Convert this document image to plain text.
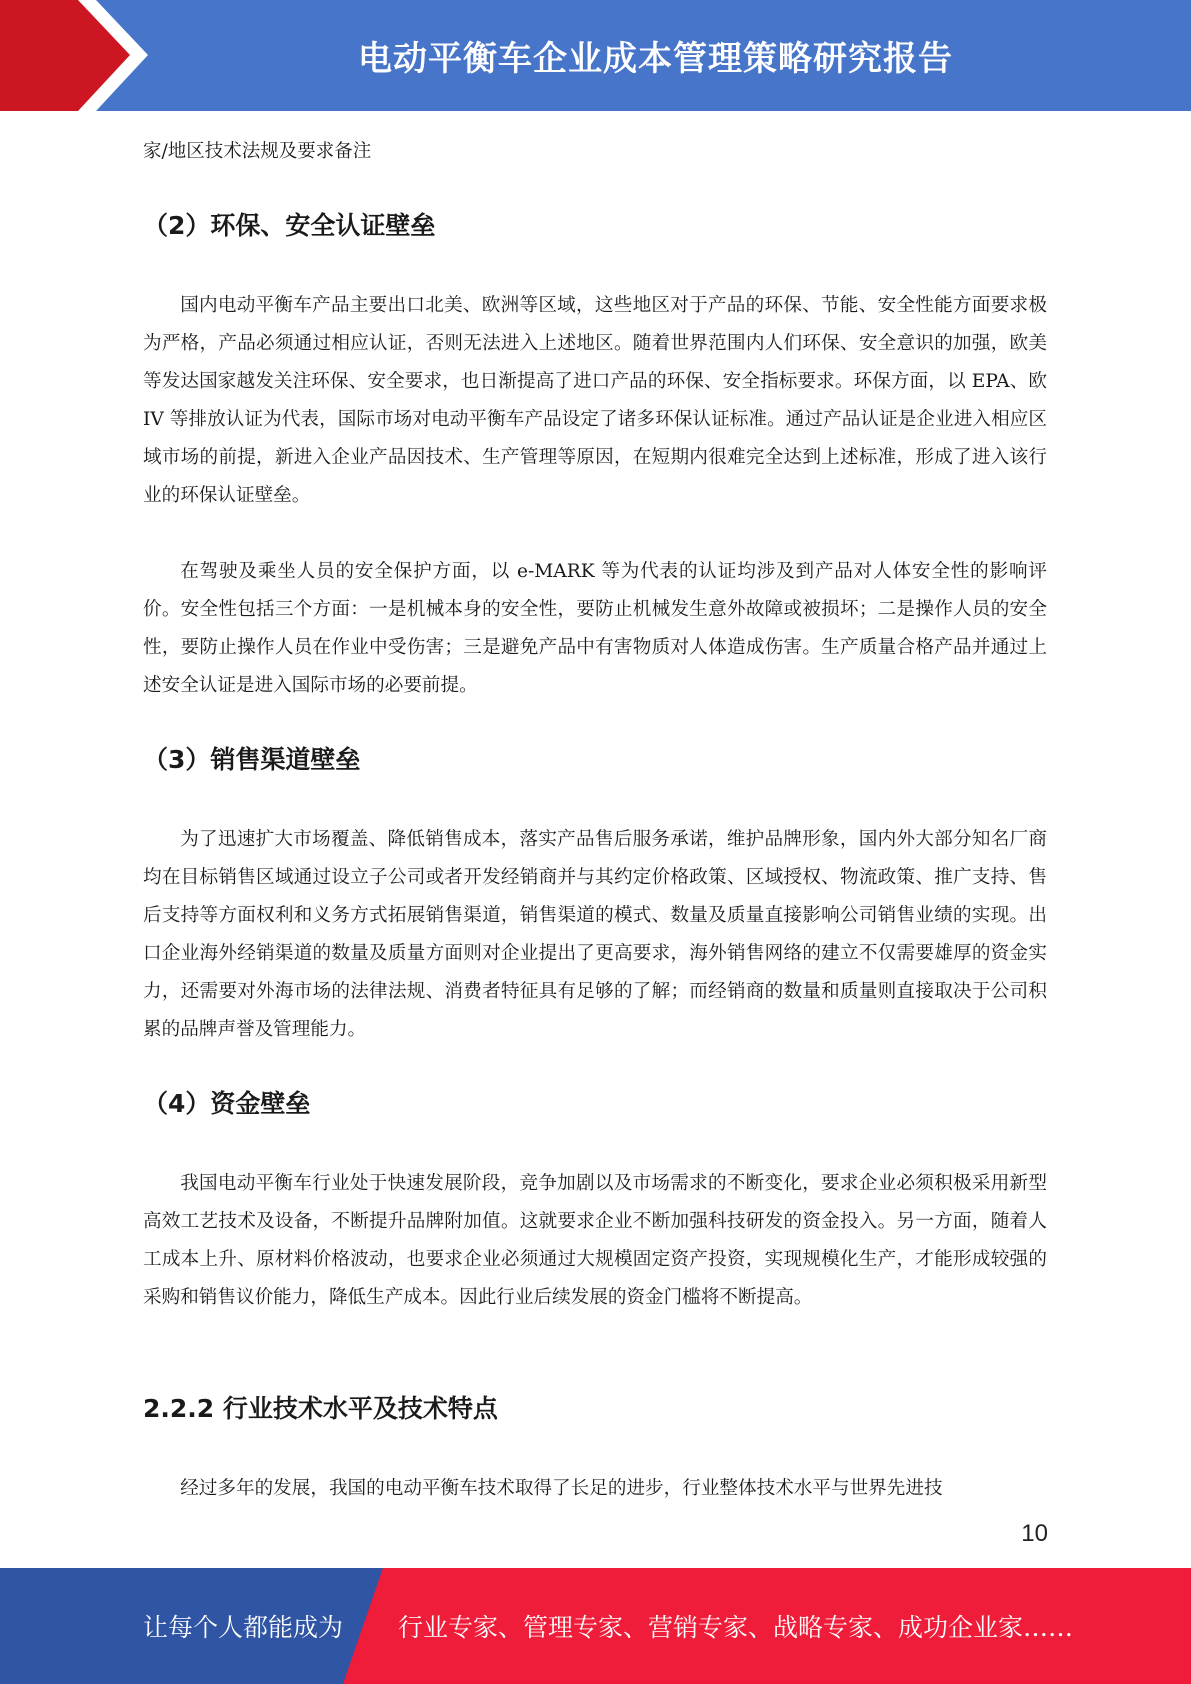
电动平衡车企业成本管理策略研究报告
家/地区技术法规及要求备注
（2）环保、安全认证壁垒

国内电动平衡车产品主要出口北美、欧洲等区域，这些地区对于产品的环保、节能、安全性能方面要求极为严格，产品必须通过相应认证，否则无法进入上述地区。随着世界范围内人们环保、安全意识的加强，欧美等发达国家越发关注环保、安全要求，也日渐提高了进口产品的环保、安全指标要求。环保方面，以 EPA、欧 IV 等排放认证为代表，国际市场对电动平衡车产品设定了诸多环保认证标准。通过产品认证是企业进入相应区域市场的前提，新进入企业产品因技术、生产管理等原因，在短期内很难完全达到上述标准，形成了进入该行业的环保认证壁垒。

在驾驶及乘坐人员的安全保护方面，以 e-MARK 等为代表的认证均涉及到产品对人体安全性的影响评价。安全性包括三个方面：一是机械本身的安全性，要防止机械发生意外故障或被损坏；二是操作人员的安全性，要防止操作人员在作业中受伤害；三是避免产品中有害物质对人体造成伤害。生产质量合格产品并通过上述安全认证是进入国际市场的必要前提。

（3）销售渠道壁垒

为了迅速扩大市场覆盖、降低销售成本，落实产品售后服务承诺，维护品牌形象，国内外大部分知名厂商均在目标销售区域通过设立子公司或者开发经销商并与其约定价格政策、区域授权、物流政策、推广支持、售后支持等方面权利和义务方式拓展销售渠道，销售渠道的模式、数量及质量直接影响公司销售业绩的实现。出口企业海外经销渠道的数量及质量方面则对企业提出了更高要求，海外销售网络的建立不仅需要雄厚的资金实力，还需要对外海市场的法律法规、消费者特征具有足够的了解；而经销商的数量和质量则直接取决于公司积累的品牌声誉及管理能力。

（4）资金壁垒

我国电动平衡车行业处于快速发展阶段，竞争加剧以及市场需求的不断变化，要求企业必须积极采用新型高效工艺技术及设备，不断提升品牌附加值。这就要求企业不断加强科技研发的资金投入。另一方面，随着人工成本上升、原材料价格波动，也要求企业必须通过大规模固定资产投资，实现规模化生产，才能形成较强的采购和销售议价能力，降低生产成本。因此行业后续发展的资金门槛将不断提高。

2.2.2 行业技术水平及技术特点

经过多年的发展，我国的电动平衡车技术取得了长足的进步，行业整体技术水平与世界先进技

10
让每个人都能成为 行业专家、管理专家、营销专家、战略专家、成功企业家……
